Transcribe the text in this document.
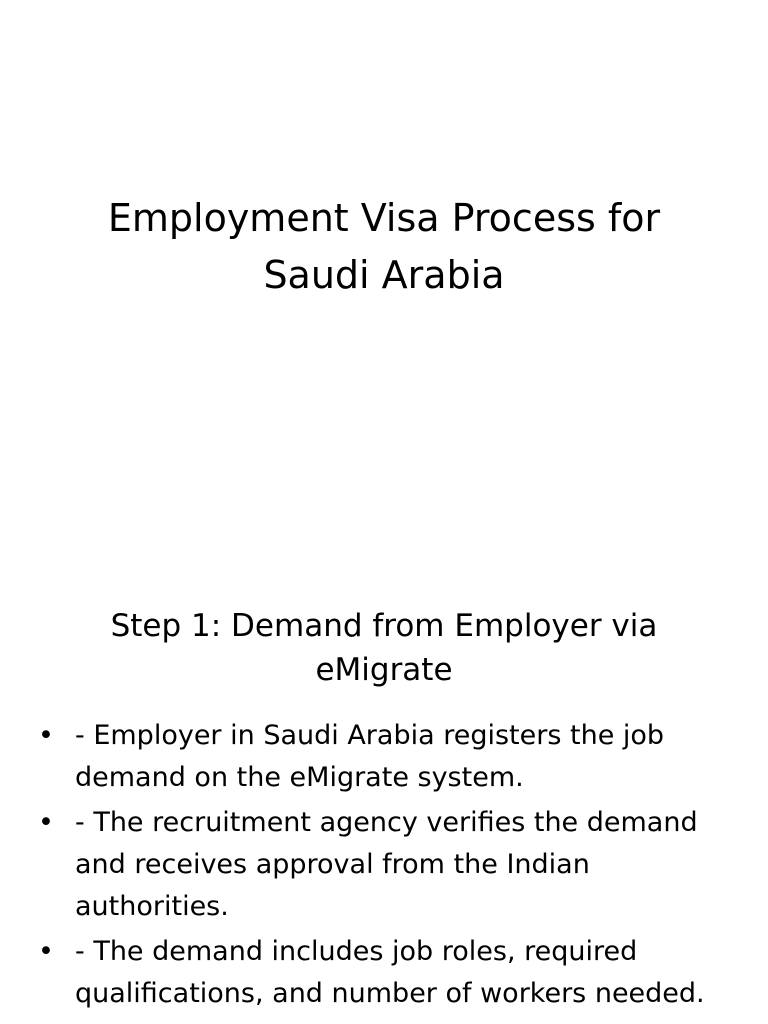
Employment Visa Process for Saudi Arabia
Step 1: Demand from Employer via eMigrate
• - Employer in Saudi Arabia registers the job demand on the eMigrate system.
• - The recruitment agency verifies the demand and receives approval from the Indian authorities.
• - The demand includes job roles, required qualifications, and number of workers needed.
